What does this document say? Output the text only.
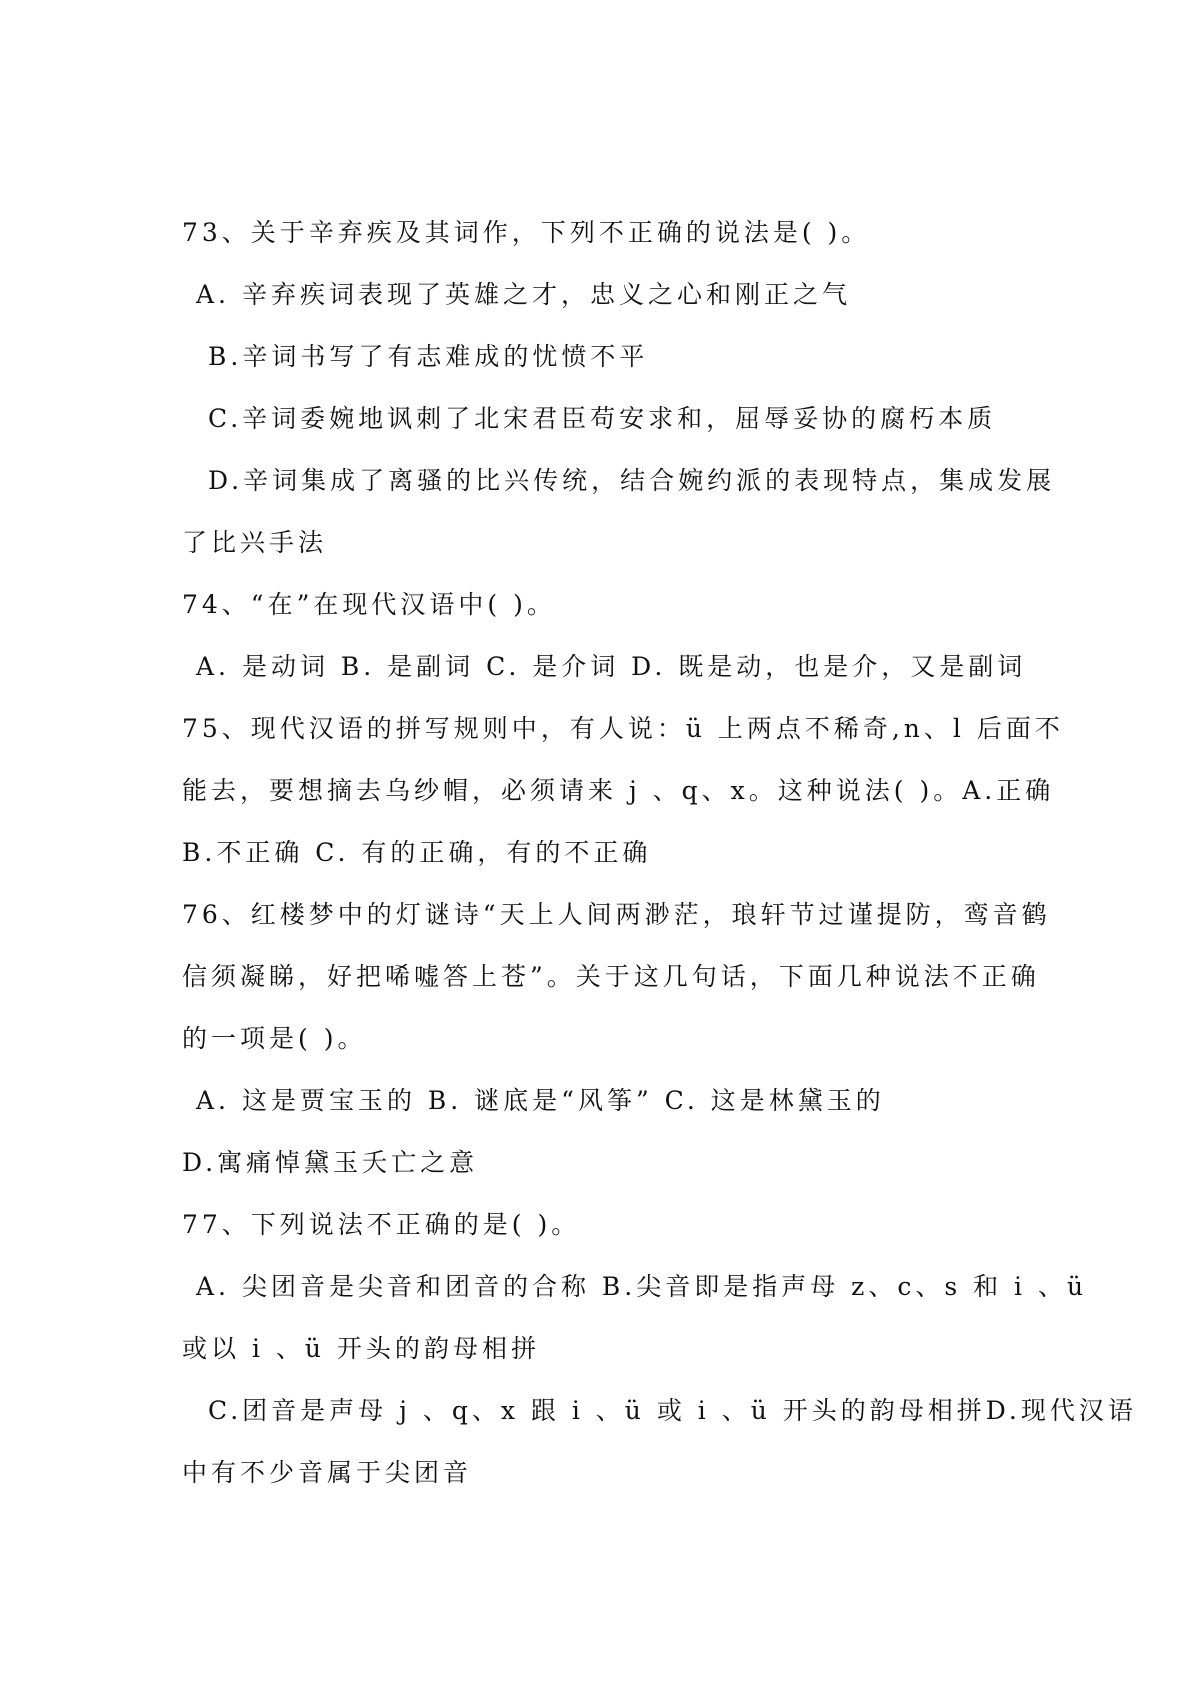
73、关于辛弃疾及其词作，下列不正确的说法是( )。
A. 辛弃疾词表现了英雄之才，忠义之心和刚正之气
B.辛词书写了有志难成的忧愤不平
C.辛词委婉地讽刺了北宋君臣苟安求和，屈辱妥协的腐朽本质
D.辛词集成了离骚的比兴传统，结合婉约派的表现特点，集成发展
了比兴手法
74、“在”在现代汉语中( )。
A. 是动词 B. 是副词 C. 是介词 D. 既是动，也是介，又是副词
75、现代汉语的拼写规则中，有人说：ü 上两点不稀奇,n、l 后面不
能去，要想摘去乌纱帽，必须请来 j 、q、x。这种说法( )。A.正确
B.不正确 C. 有的正确，有的不正确
76、红楼梦中的灯谜诗“天上人间两渺茫，琅轩节过谨提防，鸾音鹤
信须凝睇，好把唏嘘答上苍”。关于这几句话，下面几种说法不正确
的一项是( )。
A. 这是贾宝玉的 B. 谜底是“风筝” C. 这是林黛玉的
D.寓痛悼黛玉夭亡之意
77、下列说法不正确的是( )。
A. 尖团音是尖音和团音的合称 B.尖音即是指声母 z、c、s 和 i 、ü
或以 i 、ü 开头的韵母相拼
C.团音是声母 j 、q、x 跟 i 、ü 或 i 、ü 开头的韵母相拼D.现代汉语
中有不少音属于尖团音
